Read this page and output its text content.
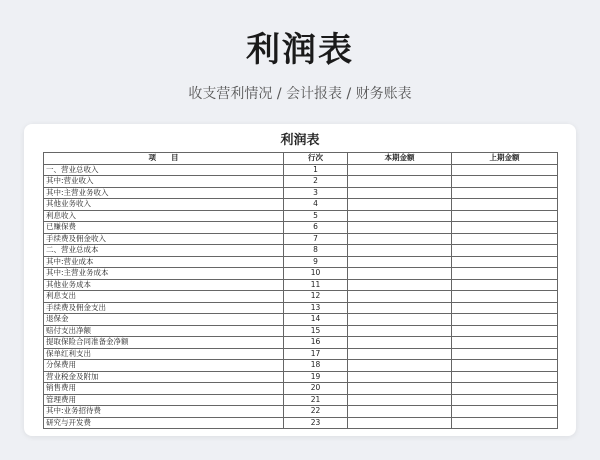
利润表
收支营利情况 / 会计报表 / 财务账表
利润表
项　　目	行次	本期金额	上期金额
一、营业总收入	1		
其中:营业收入	2		
其中:主营业务收入	3		
其他业务收入	4		
利息收入	5		
已赚保费	6		
手续费及佣金收入	7		
二、营业总成本	8		
其中:营业成本	9		
其中:主营业务成本	10		
其他业务成本	11		
利息支出	12		
手续费及佣金支出	13		
退保金	14		
赔付支出净额	15		
提取保险合同准备金净额	16		
保单红利支出	17		
分保费用	18		
营业税金及附加	19		
销售费用	20		
管理费用	21		
其中:业务招待费	22		
研究与开发费	23		
